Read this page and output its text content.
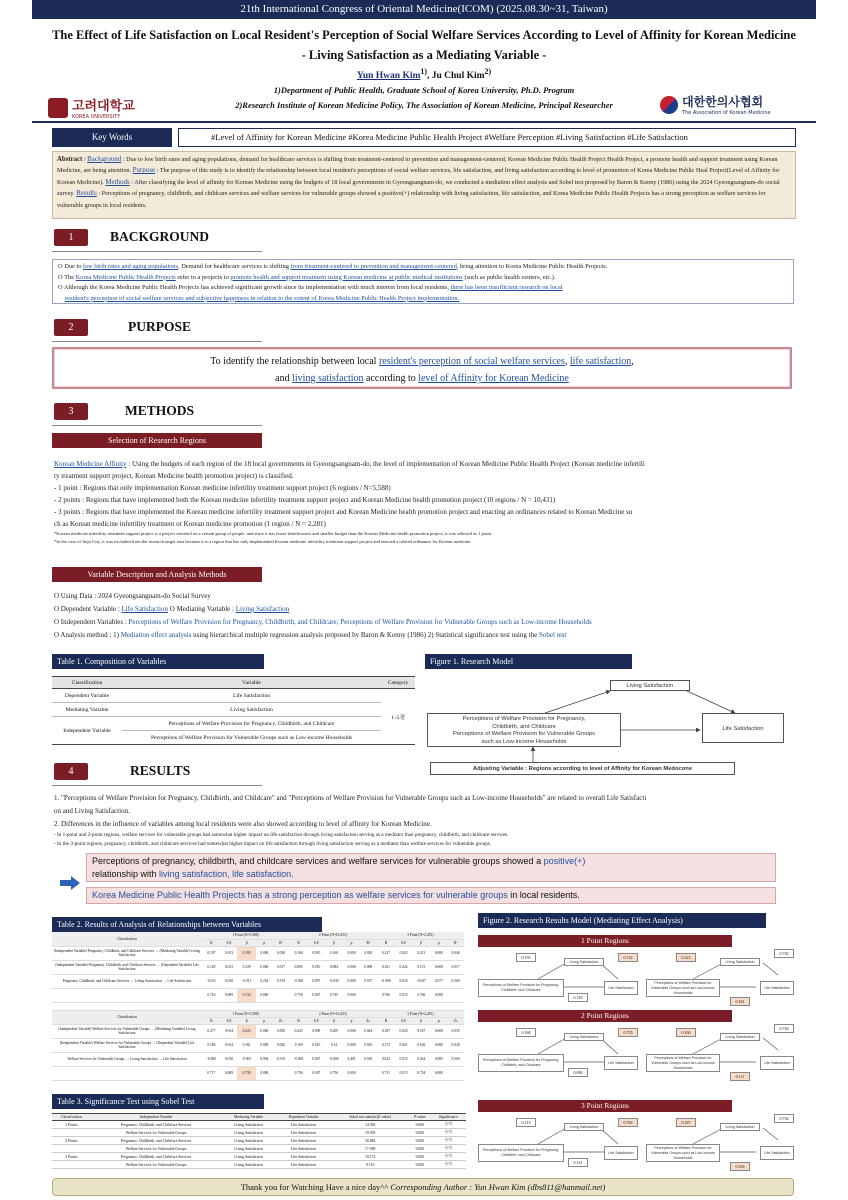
21th International Congress of Oriental Medicine(ICOM) (2025.08.30~31, Taiwan)
The Effect of Life Satisfaction on Local Resident's Perception of Social Welfare Services According to Level of Affinity for Korean Medicine
- Living Satisfaction as a Mediating Variable -
Yun Hwan Kim$^{1)}$, Ju Chul Kim$^{2)}$
1)Department of Public Health, Graduate School of Korea University, Ph.D. Program
2)Research Institute of Korean Medicine Policy, The Association of Korean Medicine, Principal Researcher
고려대학교
KOREA UNIVERSITY
대한한의사협회
The Association of Korean Medicine
Key Words	#Level of Affinity for Korean Medicine #Korea Medicine Public Health Project #Welfare Perception #Living Satisfaction #Life Satisfaction
Abstract / Background : Due to low birth rates and aging populations, demand for healthcare services is shifting from treatment-centered to prevention and management-centered, Korean Medicine Public Health Project Health Project, a promote health and support treatment using Korean Medicine, are being attention. Purpose : The purpose of this study is to identify the relationship between local resident's perceptions of social welfare services, life satisfaction, and living satisfaction according to level of promotion of Korea Medicine Public Heal Project(Level of Affinity for Korean Medicine). Methods : After classifying the level of affinity for Korean Medicine using the budgets of 18 local governments in Gyeongsangnam-do, we conducted a mediation effect analysis and Sobel test proposed by Baron & Kenny (1986) using the 2024 Gyeongsangnam-do social survey. Results : Perceptions of pregnancy, childbirth, and childcare services and welfare services for vulnerable groups showed a positive(+) relationship with living satisfaction, life satisfaction, and Korea Medicine Public Health Projects has a strong perception as welfare services for vulnerable groups in local residents.
1	BACKGROUND
O Due to low birth rates and aging populations, Demand for healthcare services is shifting from treatment-centered to prevention and management-centered, bring attention to Korea Medicine Public Health Projects.
O The Korea Medicine Public Health Projects refer to a projects to promote health and support treatment using Korean medicine at public medical institutions (such as public health centers, etc.).
O Although the Korea Medicine Public Health Projects has achieved significant growth since its implementation with much interest from local residents, there has been insufficient research on local
resident's perception of social welfare services and subjective happiness in relation to the extent of Korea Medicine Public Health Project implementation.
2	PURPOSE
To identify the relationship between local resident's perception of social welfare services, life satisfaction,
and living satisfaction according to level of Affinity for Korean Medicine
3	METHODS
Selection of Research Regions
Korean Medicine Affinity : Using the budgets of each region of the 18 local governments in Gyeongsangnam-do, the level of implementation of Korean Medicine Public Health Project (Korean medicine infertili
ty treatment support project, Korean Medicine health promotion project) is classified.
- 1 point : Regions that only implementation Korean medicine infertility treatment support project (6 regions / N=5,588)
- 2 points : Regions that have implemented both the Korean medicine infertility treatment support project and Korean Medicine health promotion project (10 regions / N = 10,431)
- 3 points : Regions that have implemented the Korean medicine infertility treatment support project and Korean Medicine health promotion project and enacting an ordinances related to Korean Medicine su
ch as Korean medicine infertility treatment or Korean medicine promotion (1 region / N = 2,281)
*Korean medicine infertility treatment support project is a project centered on a certain group of people, and since it has fewer beneficiaries and smaller budget than the Korean Medicine health promotion project, it was selected as 1 point.
*In the case of Jinju City, it was excluded from the research target area because it is a region that has only implemented Korean medicine infertility treatment support project and enacted a related ordinance for Korean medicine.
Variable Description and Analysis Methods
O Using Data : 2024 Gyeongsangnam-do Social Survey
O Dependent Variable : Life Satisfaction O Mediating Variable : Living Satisfaction
O Independent Variables : Perceptions of Welfare Provision for Pregnancy, Childbirth, and Childcare; Perceptions of Welfare Provision for Vulnerable Groups such as Low-income Households
O Analysis method : 1) Mediation effect analysis using hierarchical multiple regression analysis proposed by Baron & Kenny (1986) 2) Statistical significance test using the Sobel test
Table 1. Composition of Variables
Classification	Variable	Category
Dependent Variable	Life Satisfaction	1~5점
Mediating Variable	Living Satisfaction	
Independent Variable	Perceptions of Welfare Provision for Pregnancy, Childbirth, and Childcare	
	Perceptions of Welfare Provision for Vulnerable Groups such as Low-income Households	
Figure 1. Research Model
Living Satisfaction
Perceptions of Welfare Provision for Pregnancy,
Childbirth, and Childcare
Perceptions of Welfare Provision for Vulnerable Groups
such as Low-income Households
Life Satisfaction
Adjusting Variable : Regions according to level of Affinity for Korean Medocone
4	RESULTS
1. "Perceptions of Welfare Provision for Pregnancy, Childbirth, and Childcare" and "Perceptions of Welfare Provision for Vulnerable Groups such as Low-income Households" are related to overall Life Satisfacti
on and Living Satisfaction.
2. Differences in the influence of variables among local residents were also showed according to level of affinity for Korean Medicine.
- In 1-point and 2-point regions, welfare services for vulnerable groups had somewhat higher impact on life satisfaction through living satisfaction serving as a mediator than pregnancy, childbirth, and childcare services.
- In the 3-point regions, pregnancy, childbirth, and childcare services had somewhat higher impact on life satisfaction through living satisfaction serving as a mediator than welfare services for vulnerable groups.
Perceptions of pregnancy, childbirth, and childcare services and welfare services for vulnerable groups showed a positive(+)
relationship with living satisfaction, life satisfaction.
Korea Medicine Public Health Projects has a strong perception as welfare services for vulnerable groups in local residents.
Table 2. Results of Analysis of Relationships between Variables
Classification	1 Point (N=5,588)					2 Point (N=10,431)					3 Point (N=2,281)				
	B	S.E	β	p	R²	B	S.E	β	p	R²	B	S.E	β	p	R²
(Independent Variable) Pregnancy, Childbirth, and Childcare Services → (Mediating Variable) Living Satisfaction	0.197	0.013	0.193	0.000	0.038	0.168	0.010	0.168	0.000	0.028	0.237	0.022	0.213	0.000	0.046
(Independent Variable) Pregnancy, Childbirth, and Childcare Services → (Dependent Variable) Life Satisfaction	0.129	0.013	0.129	0.000	0.017	0.085	0.010	0.084	0.000	0.008	0.161	0.022	0.151	0.000	0.017
Pregnancy, Childbirth, and Childcare Services → Living Satisfaction → Life Satisfaction	-0.011	0.010	-0.011	0.254	0.519	-0.030	0.007	-0.030	0.000	0.557	-0.008	0.016	-0.027	0.577	0.560
	0.716	0.009	0.722	0.000		0.756	0.007	0.755	0.000		0.766	0.015	0.766	0.000	

Classification	1 Point (N=5,588)					2 Point (N=10,431)					3 Point (N=2,281)				
	B	S.E	β	p	Zc	B	S.E	β	p	Zc	B	S.E	β	p	Zc
(Independent Variable) Welfare Services for Vulnerable Groups → (Mediating Variable) Living Satisfaction	0.277	0.014	0.223	0.000	0.050	0.225	0.009	0.209	0.000	0.044	0.187	0.020	0.187	0.000	0.035
(Independent Variable) Welfare Services for Vulnerable Groups → (Dependent Variable) Life Satisfaction	0.186	0.014	0.161	0.000	0.026	0.169	0.010	0.14	0.000	0.016	0.172	0.021	0.166	0.000	0.028
Welfare Services for Vulnerable Groups → Living Satisfaction → Life Satisfaction	-0.000	0.010	-0.001	0.994	0.519	-0.005	0.007	-0.000	0.491	0.556	0.022	0.015	0.024	0.085	0.560
	0.717	0.009	0.730	0.000		0.756	0.007	0.756	0.000		0.731	0.015	0.734	0.000	
Table 3. Significance Test using Sobel Test
Classification	Independent Variable	Mediating Variable	Dependent Variable	Sobel test statistic(Z-value)	P-value	Significance
1 Points	Pregnancy, Childbirth, and Childcare Services	Living Satisfaction	Life Satisfaction	14.383	0.000	유의
	Welfare Services for Vulnerable Groups	Living Satisfaction	Life Satisfaction	19.393	0.000	유의
2 Points	Pregnancy, Childbirth, and Childcare Services	Living Satisfaction	Life Satisfaction	16.884	0.000	유의
	Welfare Services for Vulnerable Groups	Living Satisfaction	Life Satisfaction	17.090	0.000	유의
3 Points	Pregnancy, Childbirth, and Childcare Services	Living Satisfaction	Life Satisfaction	10.172	0.000	유의
	Welfare Services for Vulnerable Groups	Living Satisfaction	Life Satisfaction	9.110	0.000	유의
Figure 2. Research Results Model (Mediating Effect Analysis)
1 Point Regions
Living Satisfaction
Life Satisfaction
Perceptions of Welfare Provision for Pregnancy, Childbirth, and Childcare
Living Satisfaction
Life Satisfaction
Perceptions of Welfare Provision for Vulnerable Groups such as Low-income Households
0.193	0.722
0.129
0.223
0.730
0.161
2 Point Regions
Living Satisfaction
Life Satisfaction
Perceptions of Welfare Provision for Pregnancy, Childbirth, and Childcare
Living Satisfaction
Life Satisfaction
Perceptions of Welfare Provision for Vulnerable Groups such as Low-income Households
0.168	0.755
0.084
0.160
0.726
0.111
3 Point Regions
Living Satisfaction
Life Satisfaction
Perceptions of Welfare Provision for Pregnancy, Childbirth, and Childcare
Living Satisfaction
Life Satisfaction
Perceptions of Welfare Provision for Vulnerable Groups such as Low-income Households
0.213	0.766
0.151
0.187
0.734
0.166
Thank you for Watching Have a nice day^^ Corresponding Author : Yun Hwan Kim (dbs811@hanmail.net)
